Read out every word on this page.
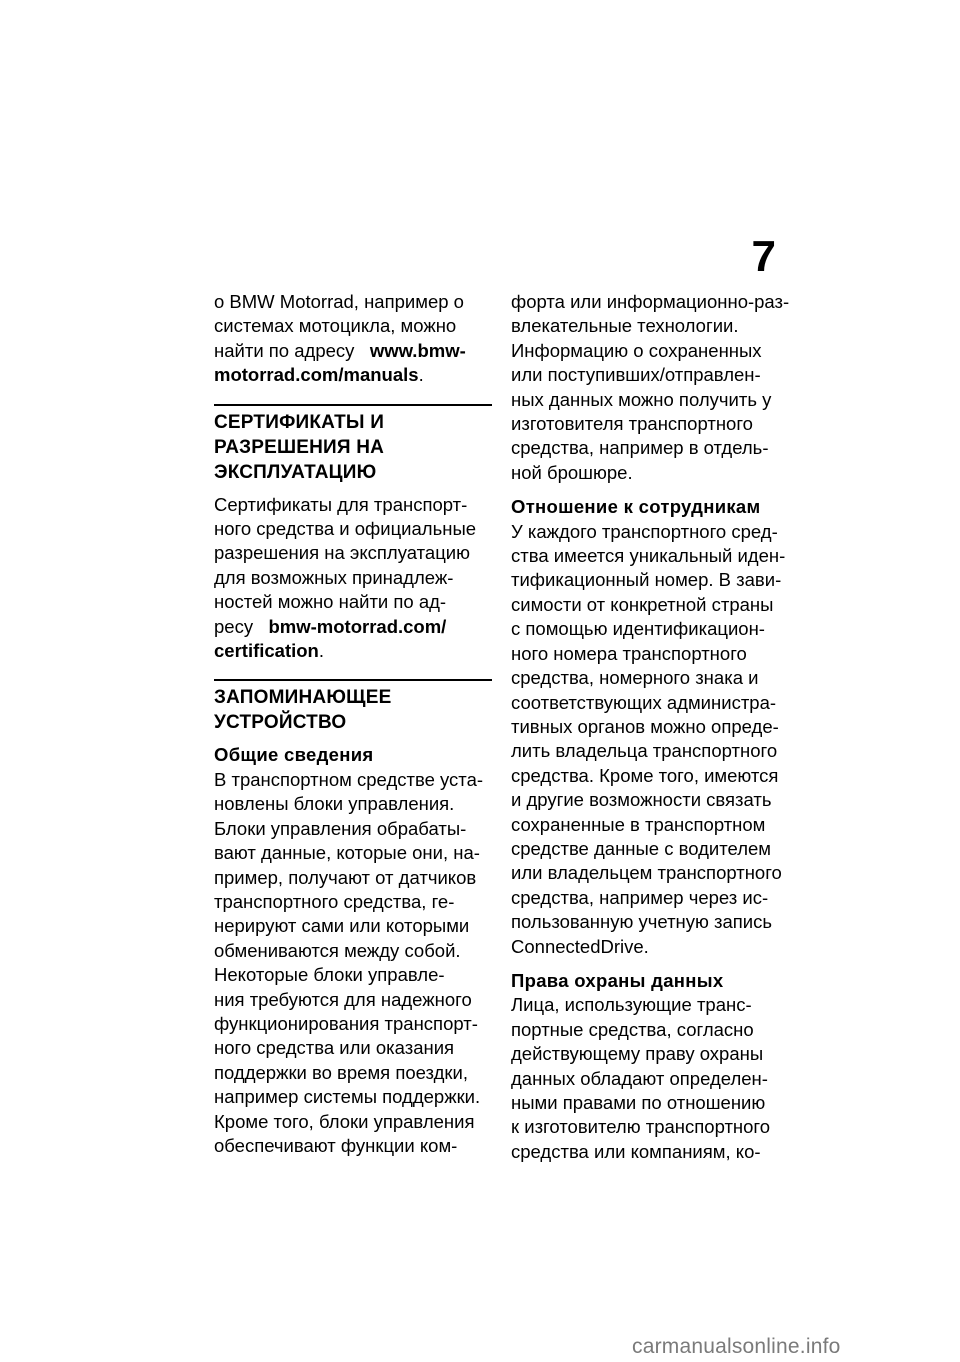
7

о BMW Motorrad, например о
системах мотоцикла, можно
найти по адресу www.bmw-
motorrad.com/manuals.

СЕРТИФИКАТЫ И
РАЗРЕШЕНИЯ НА
ЭКСПЛУАТАЦИЮ

Сертификаты для транспорт-
ного средства и официальные
разрешения на эксплуатацию
для возможных принадлеж-
ностей можно найти по ад-
ресу bmw-motorrad.com/
certification.

ЗАПОМИНАЮЩЕЕ
УСТРОЙСТВО
Общие сведения

В транспортном средстве уста-
новлены блоки управления.
Блоки управления обрабаты-
вают данные, которые они, на-
пример, получают от датчиков
транспортного средства, ге-
нерируют сами или которыми
обмениваются между собой.
Некоторые блоки управле-
ния требуются для надежного
функционирования транспорт-
ного средства или оказания
поддержки во время поездки,
например системы поддержки.
Кроме того, блоки управления
обеспечивают функции ком-

форта или информационно-раз-
влекательные технологии.
Информацию о сохраненных
или поступивших/отправлен-
ных данных можно получить у
изготовителя транспортного
средства, например в отдель-
ной брошюре.

Отношение к сотрудникам

У каждого транспортного сред-
ства имеется уникальный иден-
тификационный номер. В зави-
симости от конкретной страны
с помощью идентификацион-
ного номера транспортного
средства, номерного знака и
соответствующих администра-
тивных органов можно опреде-
лить владельца транспортного
средства. Кроме того, имеются
и другие возможности связать
сохраненные в транспортном
средстве данные с водителем
или владельцем транспортного
средства, например через ис-
пользованную учетную запись
ConnectedDrive.

Права охраны данных

Лица, использующие транс-
портные средства, согласно
действующему праву охраны
данных обладают определен-
ными правами по отношению
к изготовителю транспортного
средства или компаниям, ко-

carmanualsonline.info
